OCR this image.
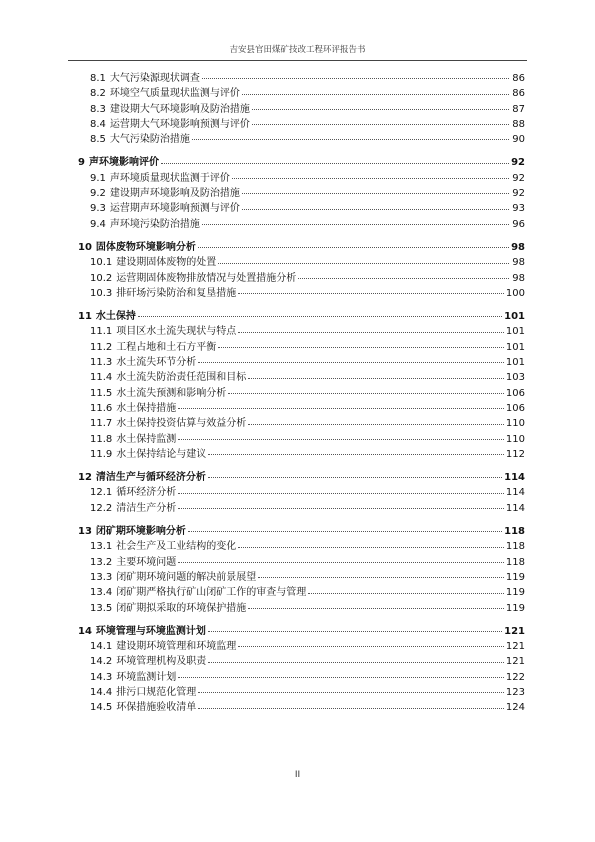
吉安县官田煤矿技改工程环评报告书
8.1 大气污染源现状调查	86
8.2 环境空气质量现状监测与评价	86
8.3 建设期大气环境影响及防治措施	87
8.4 运营期大气环境影响预测与评价	88
8.5 大气污染防治措施	90
9 声环境影响评价	92
9.1 声环境质量现状监测于评价	92
9.2 建设期声环境影响及防治措施	92
9.3 运营期声环境影响预测与评价	93
9.4 声环境污染防治措施	96
10 固体废物环境影响分析	98
10.1 建设期固体废物的处置	98
10.2 运营期固体废物排放情况与处置措施分析	98
10.3 排矸场污染防治和复垦措施	100
11 水土保持	101
11.1 项目区水土流失现状与特点	101
11.2 工程占地和土石方平衡	101
11.3 水土流失环节分析	101
11.4 水土流失防治责任范围和目标	103
11.5 水土流失预测和影响分析	106
11.6 水土保持措施	106
11.7 水土保持投资估算与效益分析	110
11.8 水土保持监测	110
11.9 水土保持结论与建议	112
12 清洁生产与循环经济分析	114
12.1 循环经济分析	114
12.2 清洁生产分析	114
13 闭矿期环境影响分析	118
13.1 社会生产及工业结构的变化	118
13.2 主要环境问题	118
13.3 闭矿期环境问题的解决前景展望	119
13.4 闭矿期严格执行矿山闭矿工作的审查与管理	119
13.5 闭矿期拟采取的环境保护措施	119
14 环境管理与环境监测计划	121
14.1 建设期环境管理和环境监理	121
14.2 环境管理机构及职责	121
14.3 环境监测计划	122
14.4 排污口规范化管理	123
14.5 环保措施验收清单	124
II
